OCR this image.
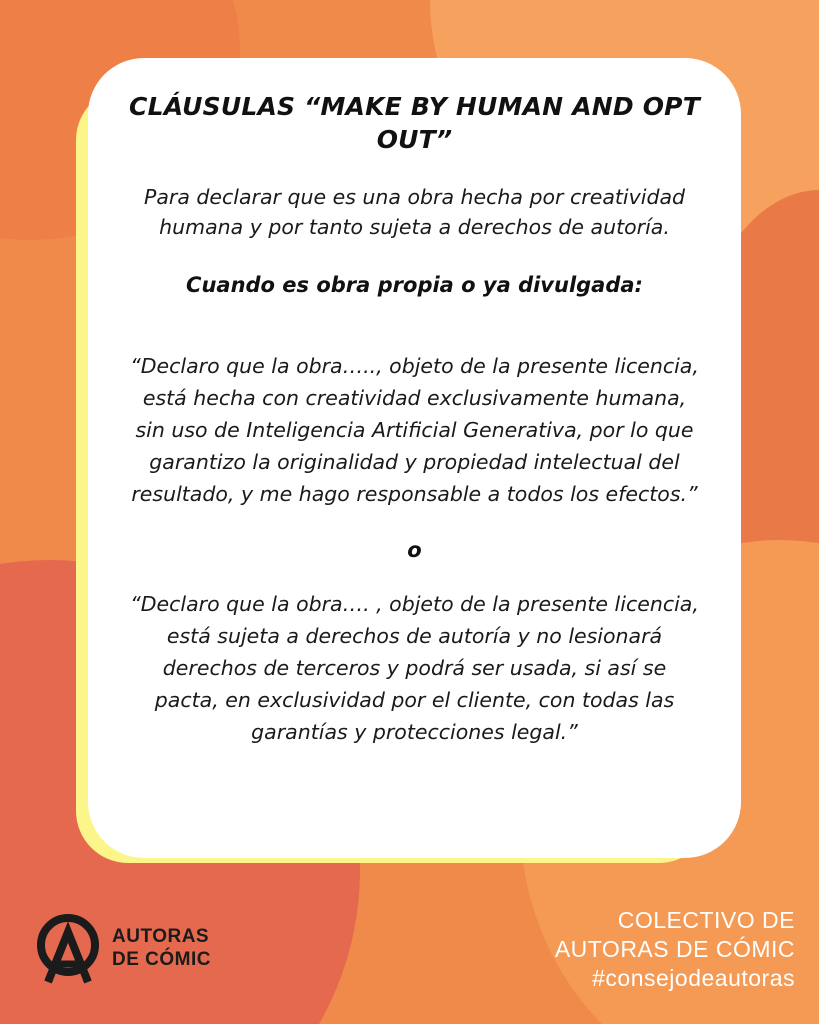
CLÁUSULAS “MAKE BY HUMAN AND OPT OUT”

Para declarar que es una obra hecha por creatividad humana y por tanto sujeta a derechos de autoría.

Cuando es obra propia o ya divulgada:

“Declaro que la obra….., objeto de la presente licencia, está hecha con creatividad exclusivamente humana, sin uso de Inteligencia Artificial Generativa, por lo que garantizo la originalidad y propiedad intelectual del resultado, y me hago responsable a todos los efectos.”

o

“Declaro que la obra…. , objeto de la presente licencia, está sujeta a derechos de autoría y no lesionará derechos de terceros y podrá ser usada, si así se pacta, en exclusividad por el cliente, con todas las garantías y protecciones legal.”

AUTORAS
DE CÓMIC
COLECTIVO DE
AUTORAS DE CÓMIC
#consejodeautoras
